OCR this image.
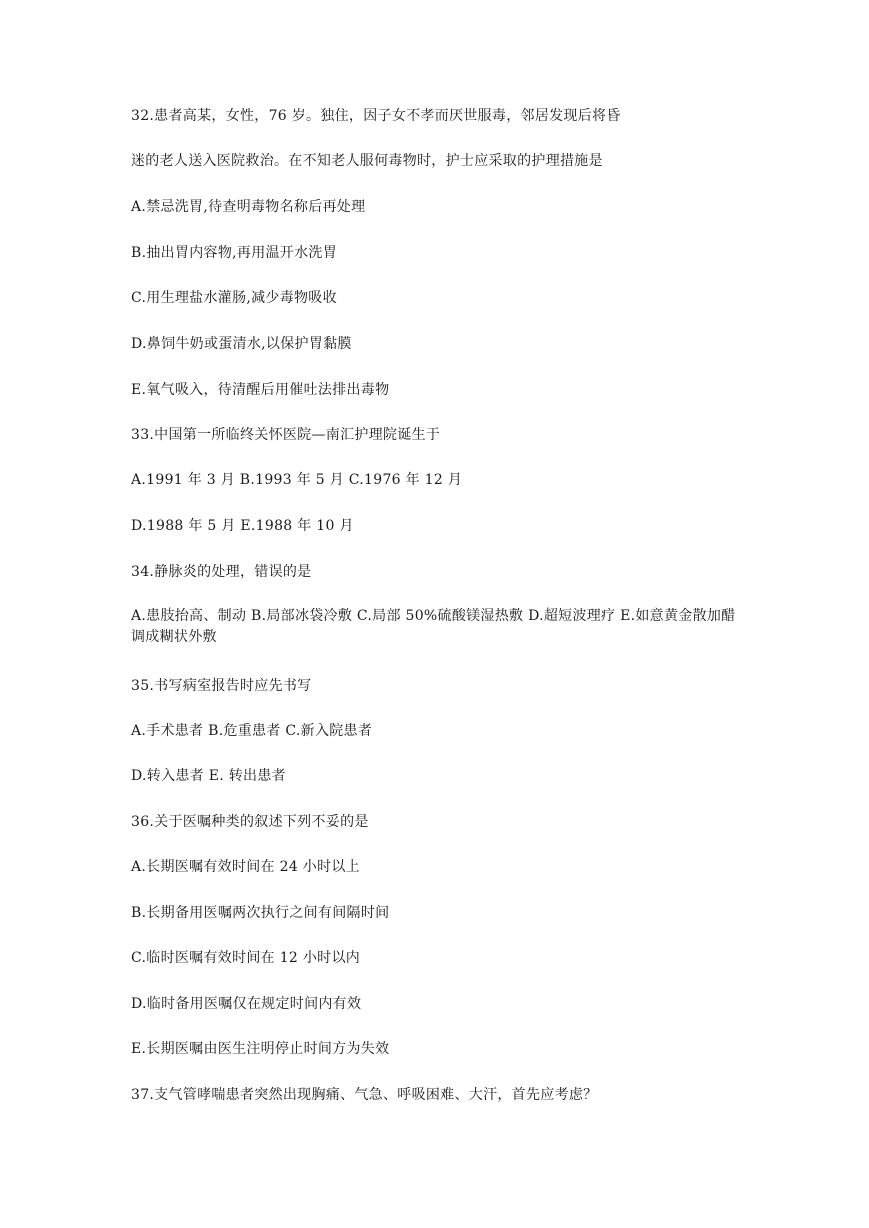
32.患者高某，女性，76 岁。独住，因子女不孝而厌世服毒，邻居发现后将昏
迷的老人送入医院救治。在不知老人服何毒物时，护士应采取的护理措施是
A.禁忌洗胃,待查明毒物名称后再处理
B.抽出胃内容物,再用温开水洗胃
C.用生理盐水灌肠,减少毒物吸收
D.鼻饲牛奶或蛋清水,以保护胃黏膜
E.氧气吸入，待清醒后用催吐法排出毒物
33.中国第一所临终关怀医院—南汇护理院诞生于
A.1991 年 3 月 B.1993 年 5 月 C.1976 年 12 月
D.1988 年 5 月 E.1988 年 10 月
34.静脉炎的处理，错误的是
A.患肢抬高、制动 B.局部冰袋冷敷 C.局部 50%硫酸镁湿热敷 D.超短波理疗 E.如意黄金散加醋调成糊状外敷
35.书写病室报告时应先书写
A.手术患者 B.危重患者 C.新入院患者
D.转入患者 E. 转出患者
36.关于医嘱种类的叙述下列不妥的是
A.长期医嘱有效时间在 24 小时以上
B.长期备用医嘱两次执行之间有间隔时间
C.临时医嘱有效时间在 12 小时以内
D.临时备用医嘱仅在规定时间内有效
E.长期医嘱由医生注明停止时间方为失效
37.支气管哮喘患者突然出现胸痛、气急、呼吸困难、大汗，首先应考虑？
